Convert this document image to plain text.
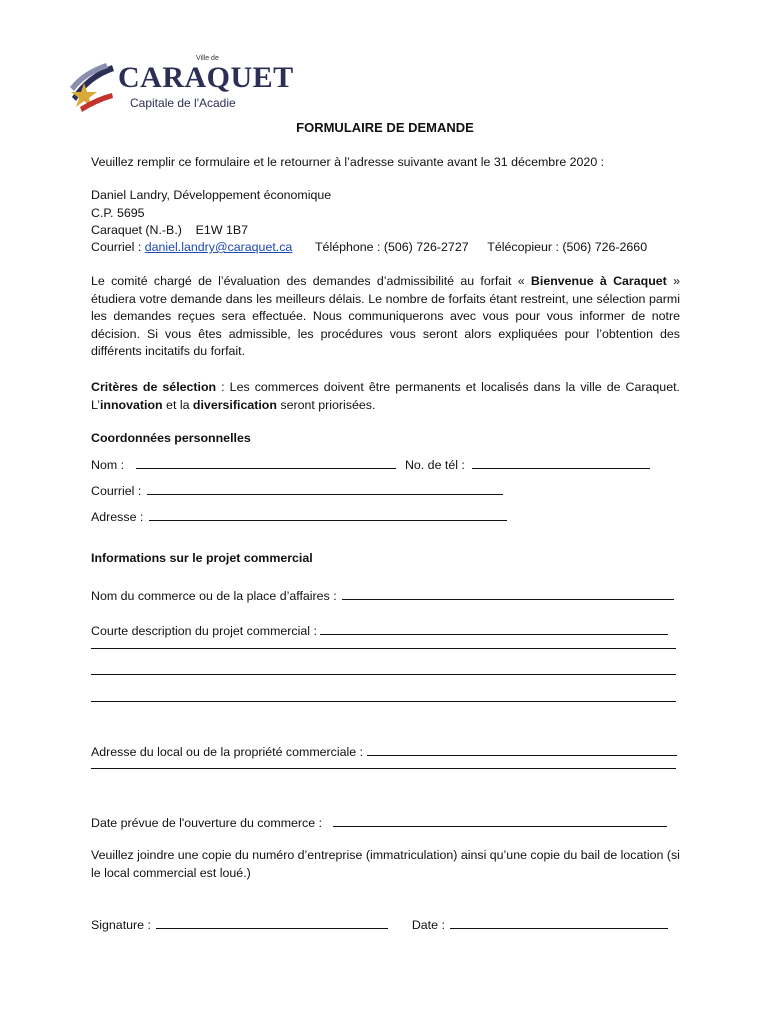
Ville de
CARAQUET
Capitale de l'Acadie
FORMULAIRE DE DEMANDE
Veuillez remplir ce formulaire et le retourner à l’adresse suivante avant le 31 décembre 2020 :
Daniel Landry, Développement économique
C.P. 5695
Caraquet (N.-B.)    E1W 1B7
Courriel : daniel.landry@caraquet.ca Téléphone : (506) 726-2727 Télécopieur : (506) 726-2660
Le comité chargé de l’évaluation des demandes d’admissibilité au forfait « Bienvenue à Caraquet » étudiera votre demande dans les meilleurs délais. Le nombre de forfaits étant restreint, une sélection parmi les demandes reçues sera effectuée. Nous communiquerons avec vous pour vous informer de notre décision. Si vous êtes admissible, les procédures vous seront alors expliquées pour l’obtention des différents incitatifs du forfait.
Critères de sélection : Les commerces doivent être permanents et localisés dans la ville de Caraquet. L’innovation et la diversification seront priorisées.
Coordonnées personnelles
Nom :	No. de tél :
Courriel :
Adresse :
Informations sur le projet commercial
Nom du commerce ou de la place d’affaires :
Courte description du projet commercial :
Adresse du local ou de la propriété commerciale :
Date prévue de l'ouverture du commerce :
Veuillez joindre une copie du numéro d’entreprise (immatriculation) ainsi qu’une copie du bail de location (si le local commercial est loué.)
Signature :	Date :
